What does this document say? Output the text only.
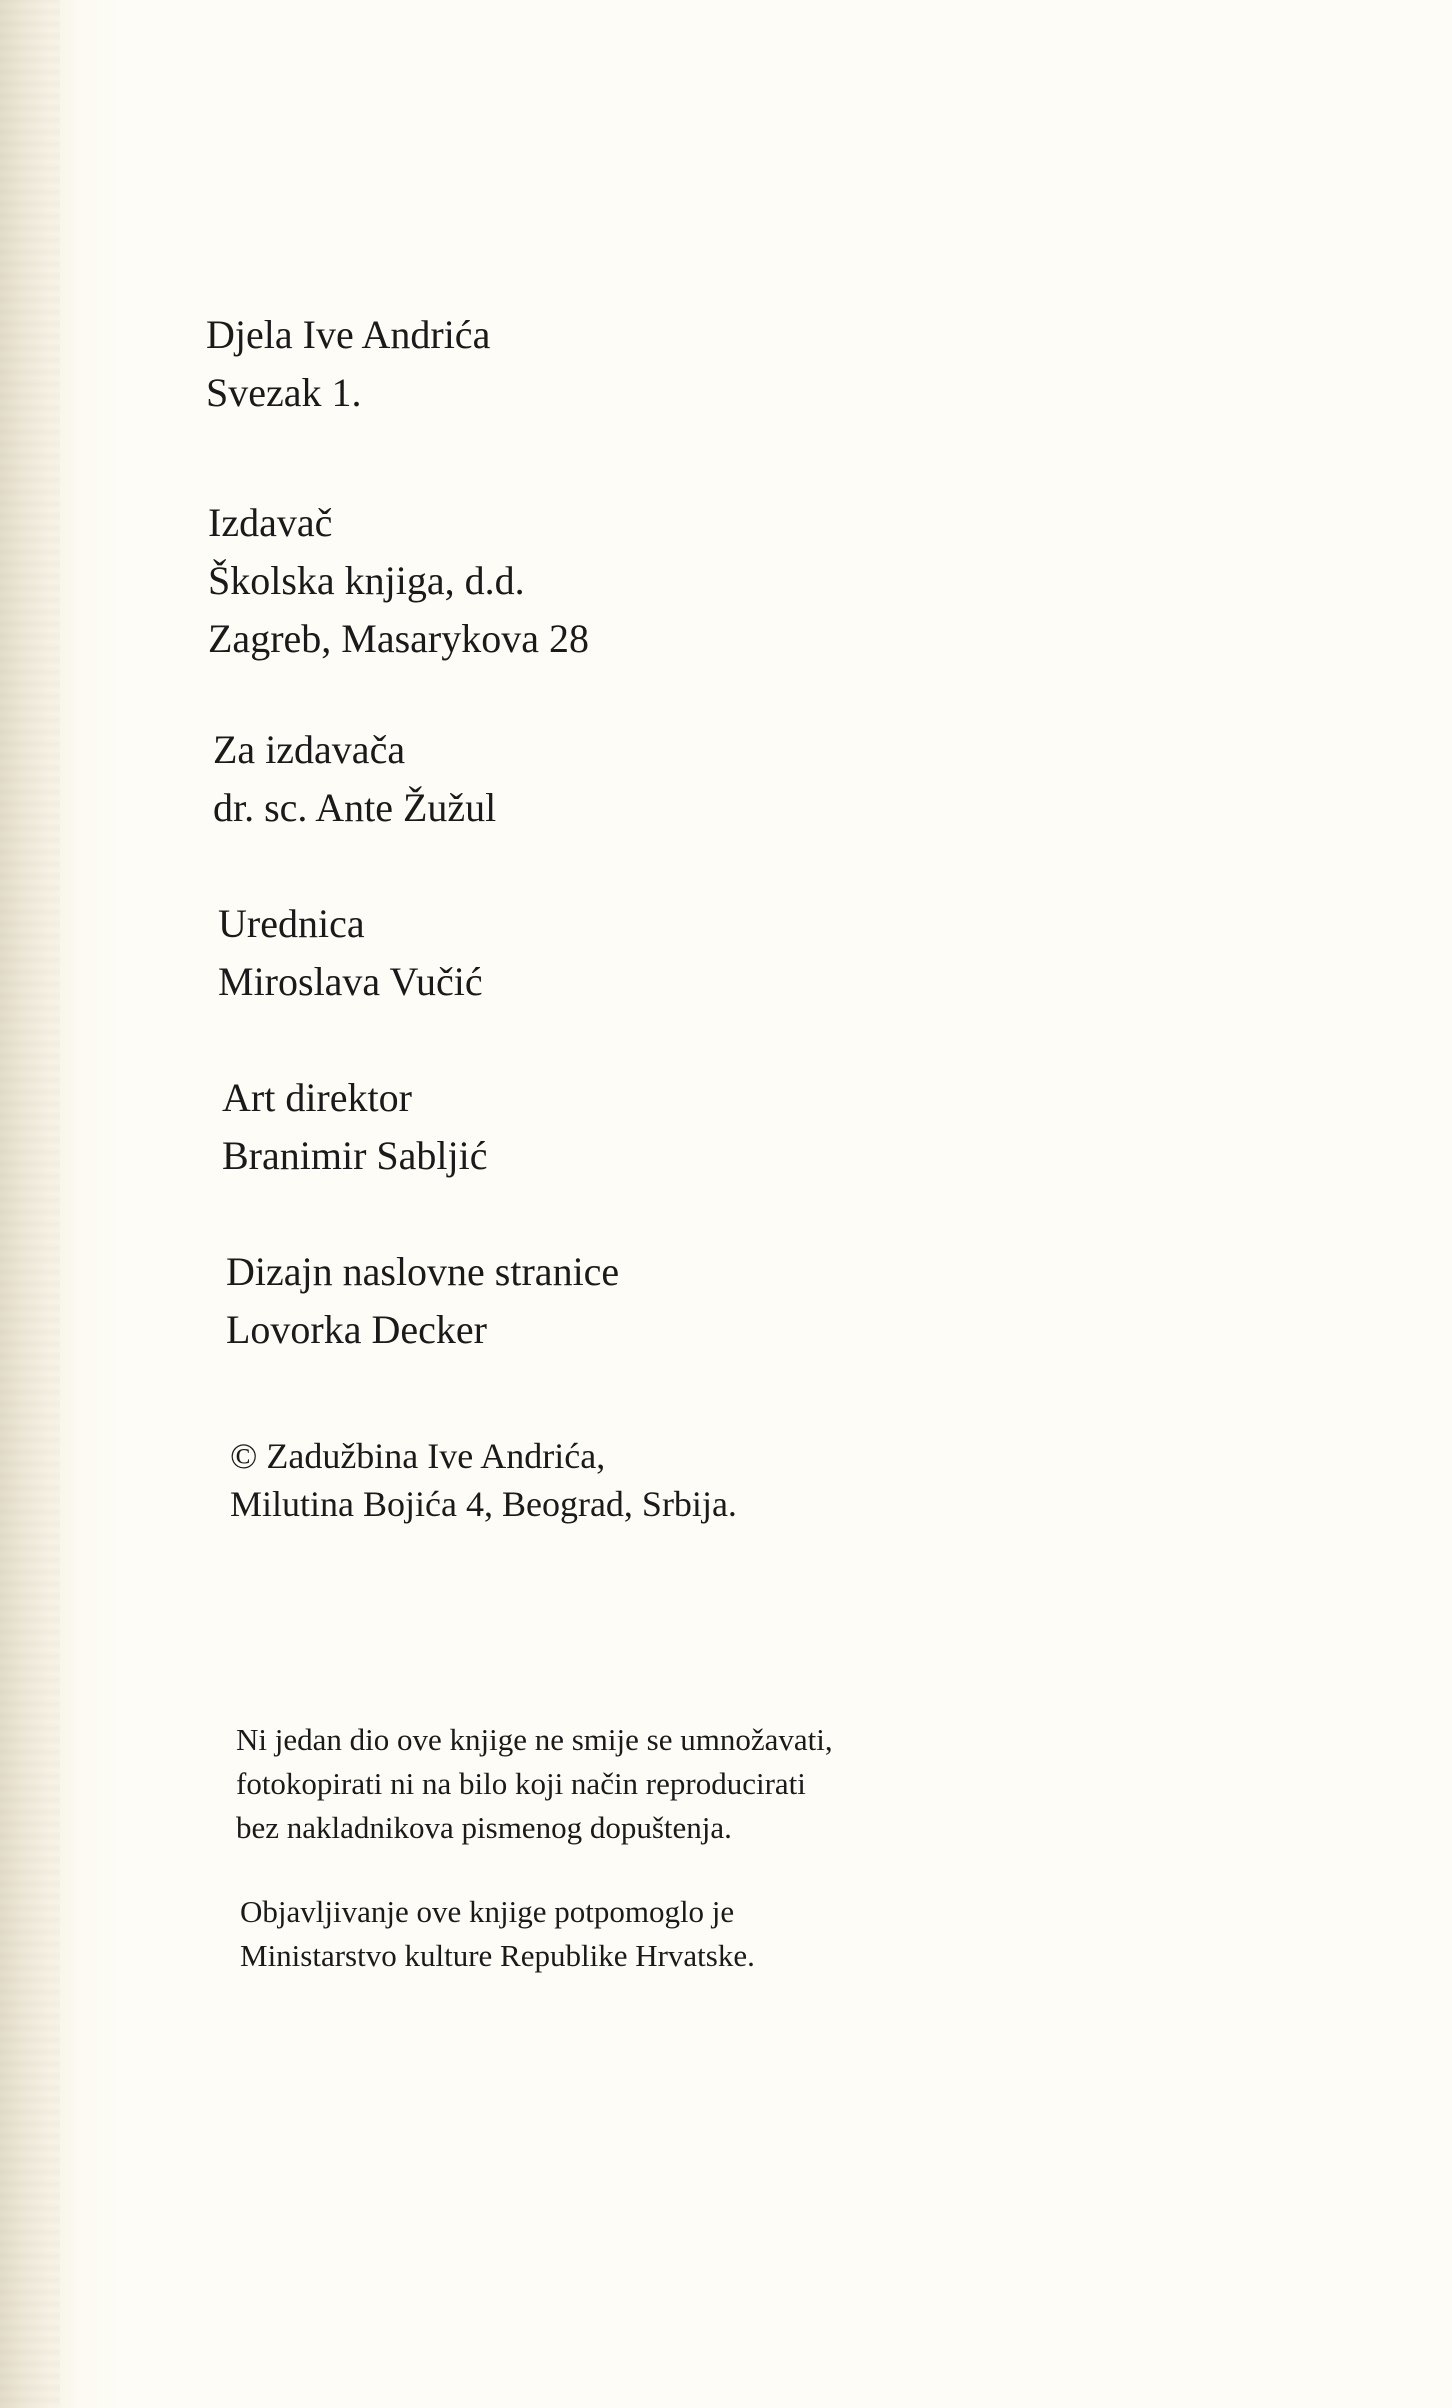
Djela Ive Andrića
Svezak 1.
Izdavač
Školska knjiga, d.d.
Zagreb, Masarykova 28
Za izdavača
dr. sc. Ante Žužul
Urednica
Miroslava Vučić
Art direktor
Branimir Sabljić
Dizajn naslovne stranice
Lovorka Decker
© Zadužbina Ive Andrića,
Milutina Bojića 4, Beograd, Srbija.
Ni jedan dio ove knjige ne smije se umnožavati,
fotokopirati ni na bilo koji način reproducirati
bez nakladnikova pismenog dopuštenja.
Objavljivanje ove knjige potpomoglo je
Ministarstvo kulture Republike Hrvatske.
